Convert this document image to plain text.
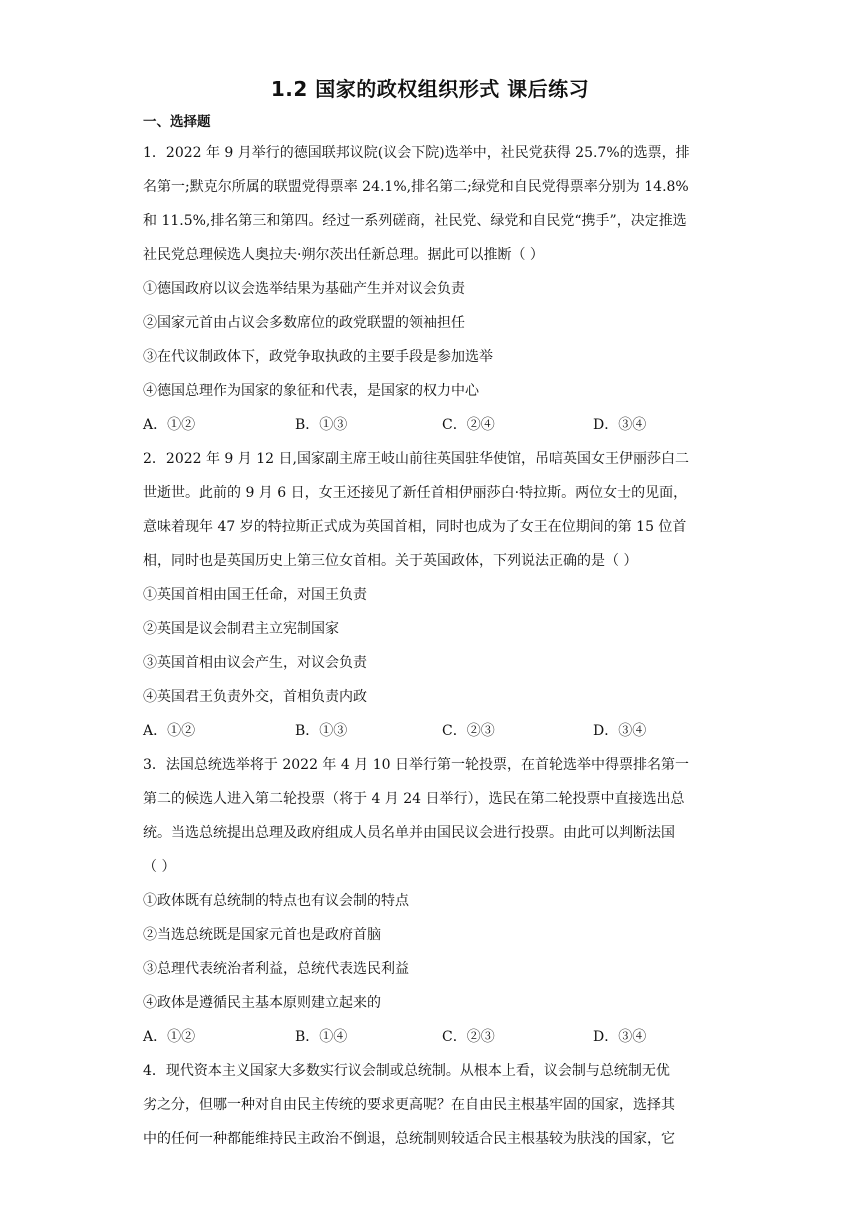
1.2 国家的政权组织形式 课后练习
一、选择题

1．2022 年 9 月举行的德国联邦议院(议会下院)选举中，社民党获得 25.7%的选票，排

名第一;默克尔所属的联盟党得票率 24.1%,排名第二;绿党和自民党得票率分别为 14.8%

和 11.5%,排名第三和第四。经过一系列磋商，社民党、绿党和自民党“携手”，决定推选

社民党总理候选人奥拉夫·朔尔茨出任新总理。据此可以推断（ ）

①德国政府以议会选举结果为基础产生并对议会负责

②国家元首由占议会多数席位的政党联盟的领袖担任

③在代议制政体下，政党争取执政的主要手段是参加选举

④德国总理作为国家的象征和代表，是国家的权力中心

A．①②	B．①③	C．②④	D．③④

2．2022 年 9 月 12 日,国家副主席王岐山前往英国驻华使馆，吊唁英国女王伊丽莎白二

世逝世。此前的 9 月 6 日，女王还接见了新任首相伊丽莎白·特拉斯。两位女士的见面，

意味着现年 47 岁的特拉斯正式成为英国首相，同时也成为了女王在位期间的第 15 位首

相，同时也是英国历史上第三位女首相。关于英国政体，下列说法正确的是（ ）

①英国首相由国王任命，对国王负责

②英国是议会制君主立宪制国家

③英国首相由议会产生，对议会负责

④英国君王负责外交，首相负责内政

A．①②	B．①③	C．②③	D．③④

3．法国总统选举将于 2022 年 4 月 10 日举行第一轮投票，在首轮选举中得票排名第一

第二的候选人进入第二轮投票（将于 4 月 24 日举行），选民在第二轮投票中直接选出总

统。当选总统提出总理及政府组成人员名单并由国民议会进行投票。由此可以判断法国

（ ）

①政体既有总统制的特点也有议会制的特点

②当选总统既是国家元首也是政府首脑

③总理代表统治者利益，总统代表选民利益

④政体是遵循民主基本原则建立起来的

A．①②	B．①④	C．②③	D．③④

4．现代资本主义国家大多数实行议会制或总统制。从根本上看，议会制与总统制无优

劣之分，但哪一种对自由民主传统的要求更高呢？在自由民主根基牢固的国家，选择其

中的任何一种都能维持民主政治不倒退，总统制则较适合民主根基较为肤浅的国家，它
